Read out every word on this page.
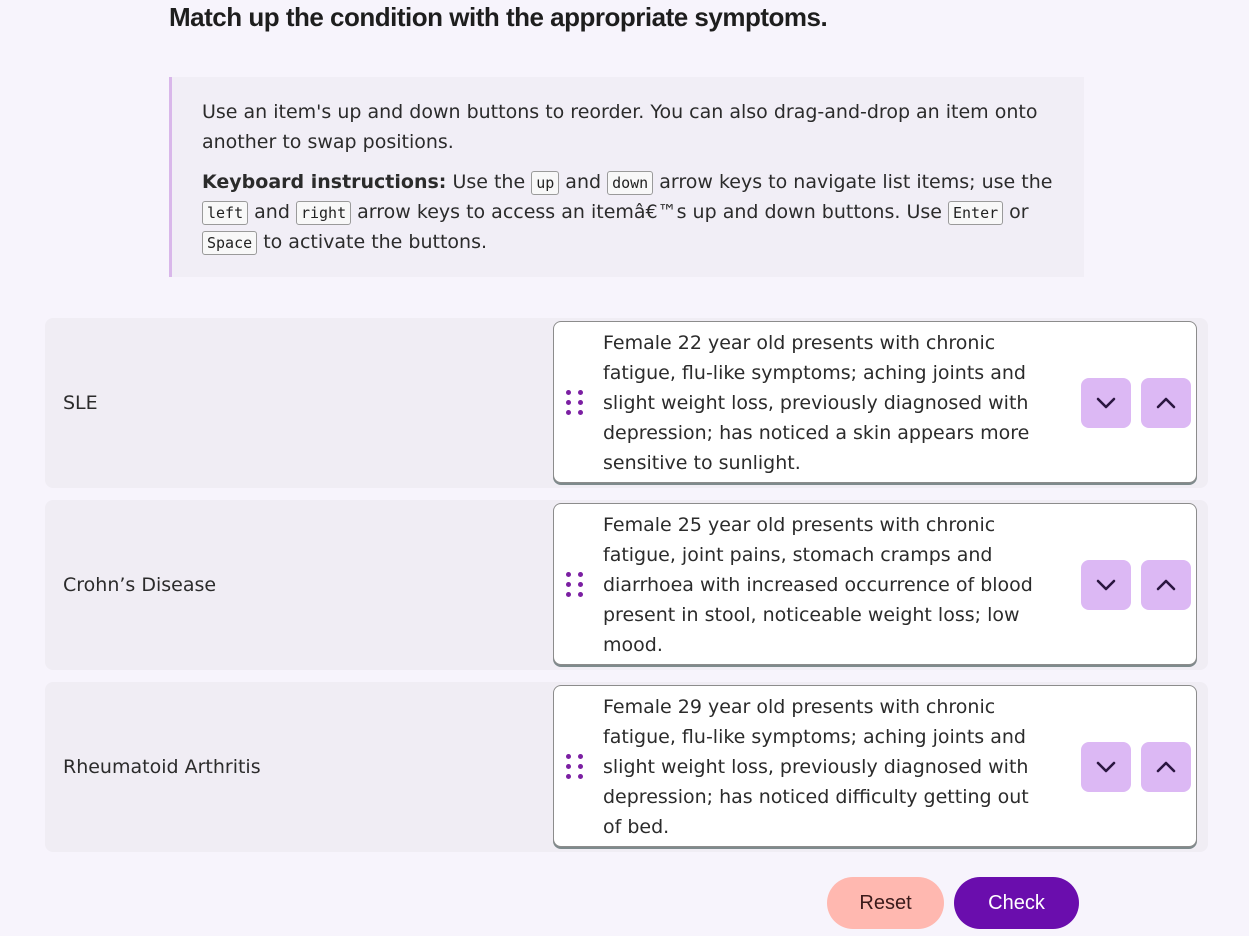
Match up the condition with the appropriate symptoms.

Use an item's up and down buttons to reorder. You can also drag-and-drop an item onto another to swap positions.

Keyboard instructions: Use the up and down arrow keys to navigate list items; use the left and right arrow keys to access an itemâ€™s up and down buttons. Use Enter or Space to activate the buttons.

SLE
Female 22 year old presents with chronic fatigue, flu-like symptoms; aching joints and slight weight loss, previously diagnosed with depression; has noticed a skin appears more sensitive to sunlight.
Crohn’s Disease
Female 25 year old presents with chronic fatigue, joint pains, stomach cramps and diarrhoea with increased occurrence of blood present in stool, noticeable weight loss; low mood.
Rheumatoid Arthritis
Female 29 year old presents with chronic fatigue, flu-like symptoms; aching joints and slight weight loss, previously diagnosed with depression; has noticed difficulty getting out of bed.
Reset	Check
